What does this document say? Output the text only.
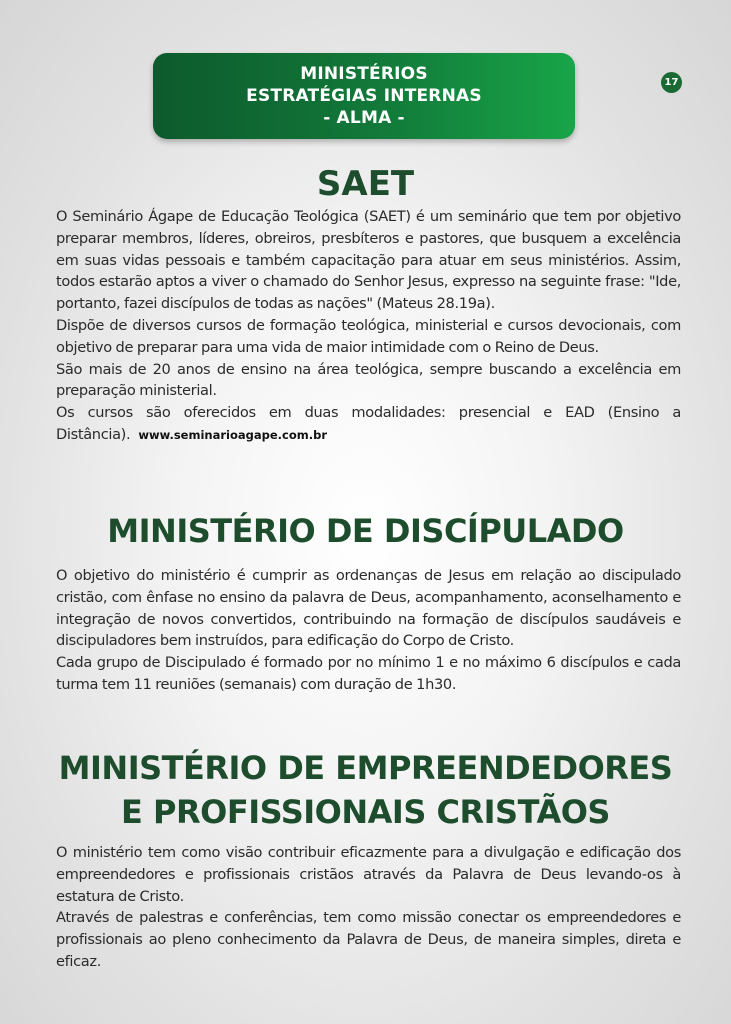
MINISTÉRIOS
ESTRATÉGIAS INTERNAS
- ALMA -
17
SAET

O Seminário Ágape de Educação Teológica (SAET) é um seminário que tem por objetivo preparar membros, líderes, obreiros, presbíteros e pastores, que busquem a excelência em suas vidas pessoais e também capacitação para atuar em seus ministérios. Assim, todos estarão aptos a viver o chamado do Senhor Jesus, expresso na seguinte frase: "Ide, portanto, fazei discípulos de todas as nações" (Mateus 28.19a).

Dispõe de diversos cursos de formação teológica, ministerial e cursos devocionais, com objetivo de preparar para uma vida de maior intimidade com o Reino de Deus.

São mais de 20 anos de ensino na área teológica, sempre buscando a excelência em preparação ministerial.

Os cursos são oferecidos em duas modalidades: presencial e EAD (Ensino a Distância). www.seminarioagape.com.br

MINISTÉRIO DE DISCÍPULADO

O objetivo do ministério é cumprir as ordenanças de Jesus em relação ao discipulado cristão, com ênfase no ensino da palavra de Deus, acompanhamento, aconselhamento e integração de novos convertidos, contribuindo na formação de discípulos saudáveis e discipuladores bem instruídos, para edificação do Corpo de Cristo.

Cada grupo de Discipulado é formado por no mínimo 1 e no máximo 6 discípulos e cada turma tem 11 reuniões (semanais) com duração de 1h30.

MINISTÉRIO DE EMPREENDEDORES
E PROFISSIONAIS CRISTÃOS

O ministério tem como visão contribuir eficazmente para a divulgação e edificação dos empreendedores e profissionais cristãos através da Palavra de Deus levando-os à estatura de Cristo.

Através de palestras e conferências, tem como missão conectar os empreendedores e profissionais ao pleno conhecimento da Palavra de Deus, de maneira simples, direta e eficaz.
